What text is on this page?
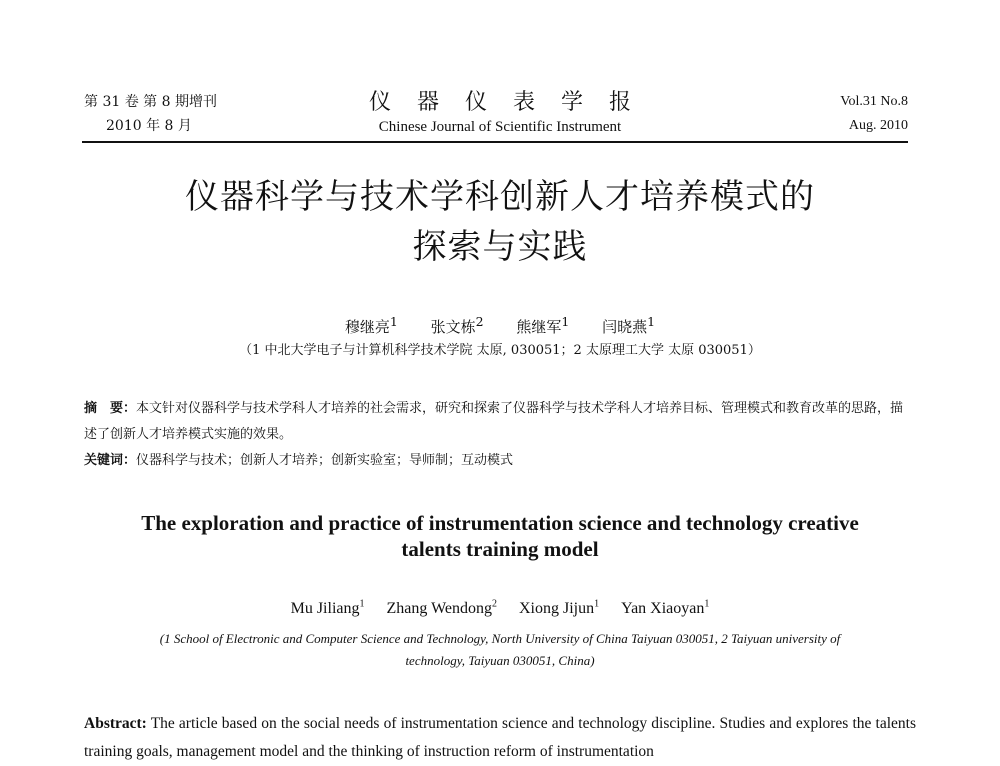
第 31 卷 第 8 期增刊
2010 年 8 月
仪器仪表学报
Chinese Journal of Scientific Instrument
Vol.31 No.8
Aug. 2010
仪器科学与技术学科创新人才培养模式的
探索与实践
穆继亮$^1$ 张文栋$^2$ 熊继军$^1$ 闫晓燕$^1$
（1 中北大学电子与计算机科学技术学院 太原, 030051；2 太原理工大学 太原 030051）
摘　要：本文针对仪器科学与技术学科人才培养的社会需求，研究和探索了仪器科学与技术学科人才培养目标、管理模式和教育改革的思路，描述了创新人才培养模式实施的效果。
关键词：仪器科学与技术；创新人才培养；创新实验室；导师制；互动模式
The exploration and practice of instrumentation science and technology creative
talents training model
Mu Jiliang$^1$ Zhang Wendong$^2$ Xiong Jijun$^1$ Yan Xiaoyan$^1$
(1 School of Electronic and Computer Science and Technology, North University of China Taiyuan 030051, 2 Taiyuan university of
technology, Taiyuan 030051, China)
Abstract: The article based on the social needs of instrumentation science and technology discipline. Studies and explores the talents training goals, management model and the thinking of instruction reform of instrumentation
